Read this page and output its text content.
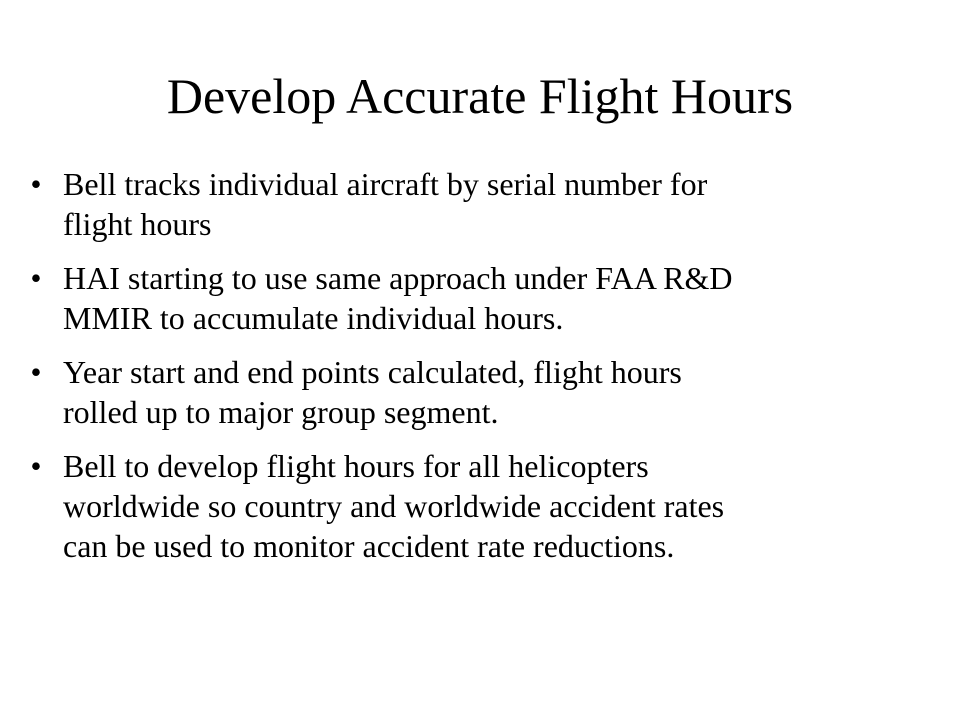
Develop Accurate Flight Hours
• Bell tracks individual aircraft by serial number for
flight hours
• HAI starting to use same approach under FAA R&D
MMIR to accumulate individual hours.
• Year start and end points calculated, flight hours
rolled up to major group segment.
• Bell to develop flight hours for all helicopters
worldwide so country and worldwide accident rates
can be used to monitor accident rate reductions.
